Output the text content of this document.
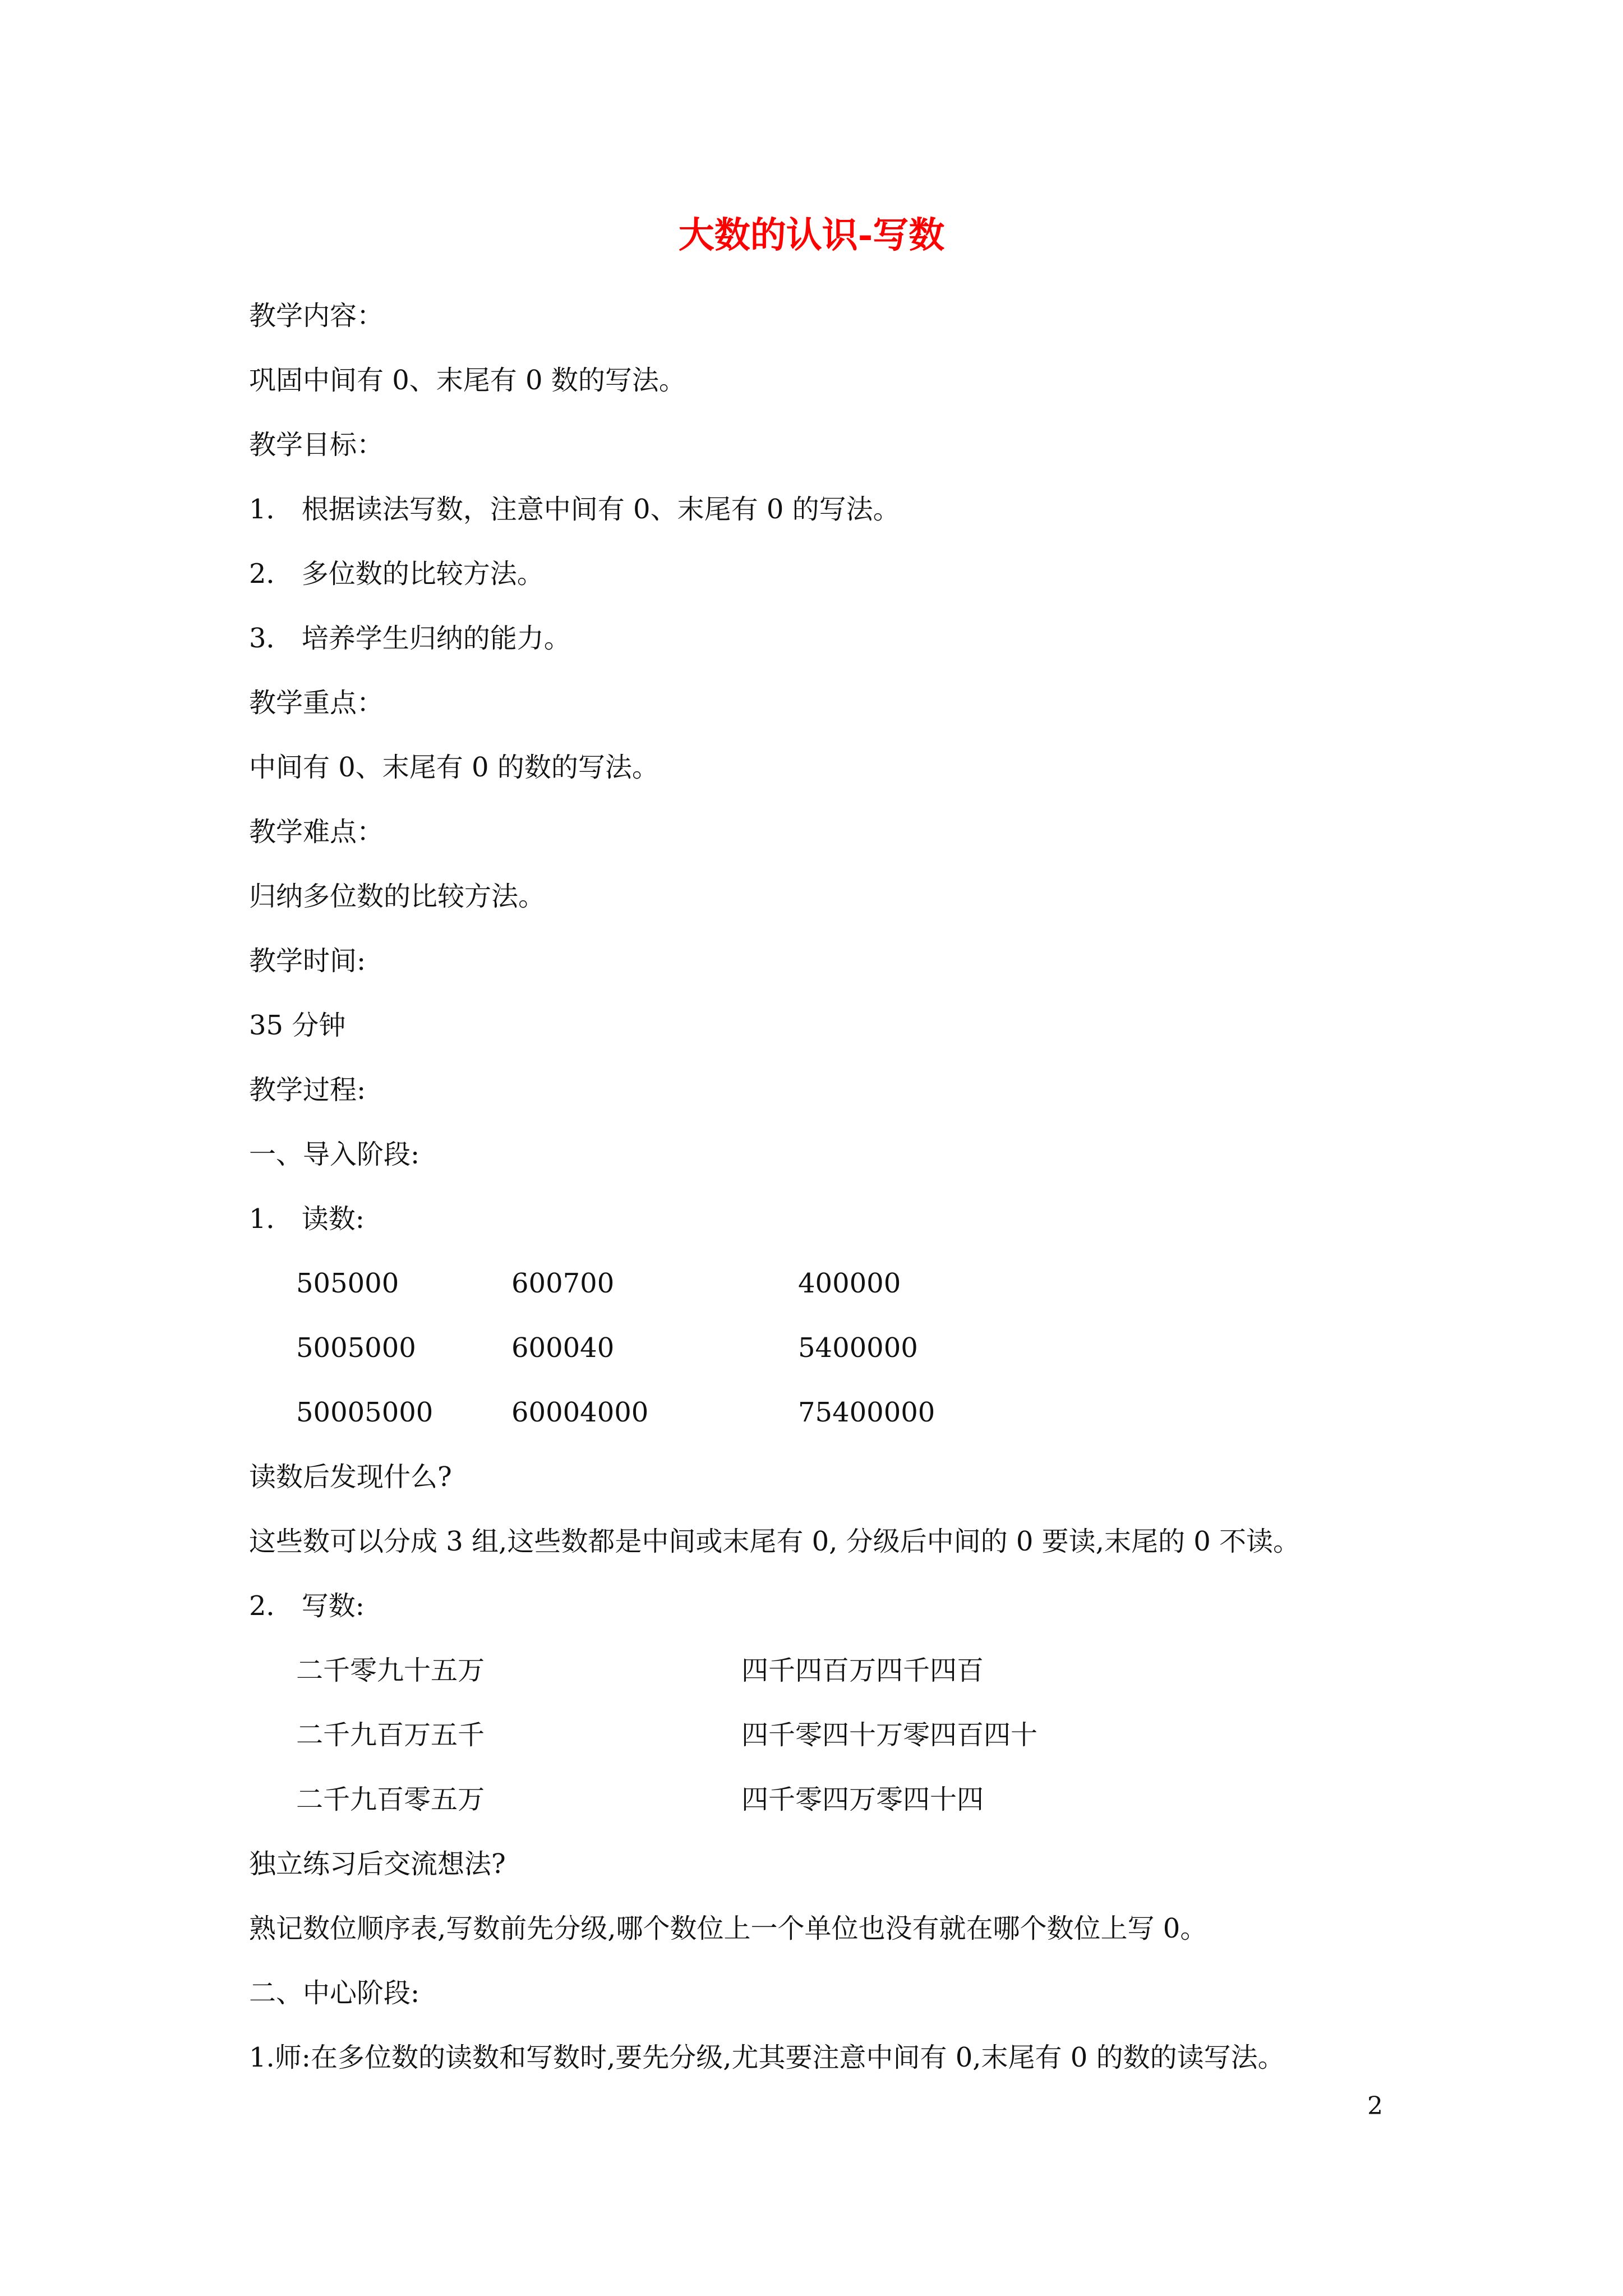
大数的认识-写数

教学内容：

巩固中间有 0、末尾有 0 数的写法。

教学目标：

1． 根据读法写数，注意中间有 0、末尾有 0 的写法。

2． 多位数的比较方法。

3． 培养学生归纳的能力。

教学重点：

中间有 0、末尾有 0 的数的写法。

教学难点：

归纳多位数的比较方法。

教学时间:

35 分钟

教学过程:

一、导入阶段:

1． 读数:

505000	600700	400000
5005000	600040	5400000
50005000	60004000	75400000

读数后发现什么?

这些数可以分成 3 组,这些数都是中间或末尾有 0, 分级后中间的 0 要读,末尾的 0 不读。

2． 写数:

二千零九十五万	四千四百万四千四百
二千九百万五千	四千零四十万零四百四十
二千九百零五万	四千零四万零四十四

独立练习后交流想法?

熟记数位顺序表,写数前先分级,哪个数位上一个单位也没有就在哪个数位上写 0。

二、中心阶段:

1.师:在多位数的读数和写数时,要先分级,尤其要注意中间有 0,末尾有 0 的数的读写法。

2
